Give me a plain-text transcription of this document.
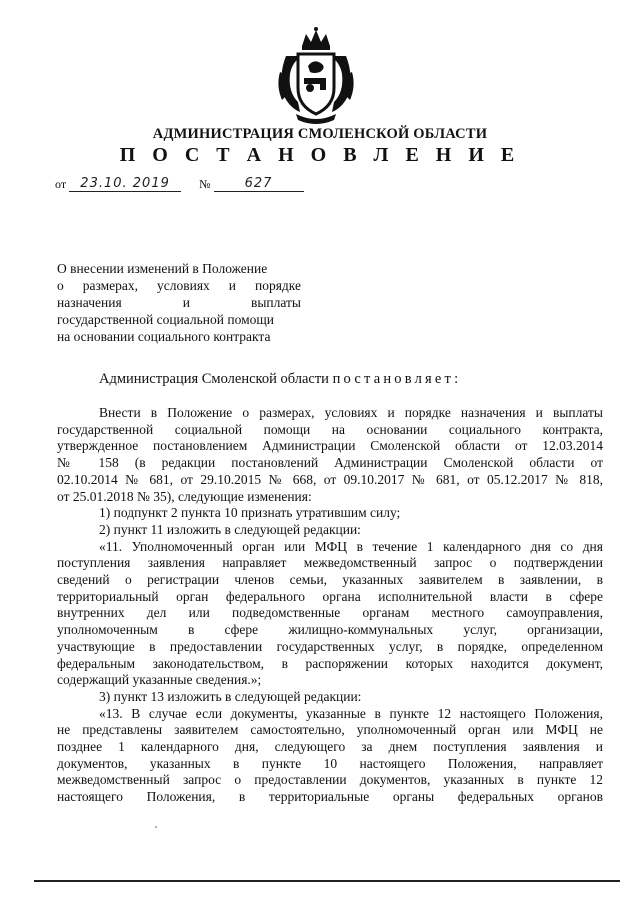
АДМИНИСТРАЦИЯ СМОЛЕНСКОЙ ОБЛАСТИ
П О С Т А Н О В Л Е Н И Е
от 23.10. 2019 №	627
О внесении изменений в Положение
о размерах, условиях и порядке
назначения и выплаты
государственной социальной помощи
на основании социального контракта
Администрация Смоленской области постановляет:

Внести в Положение о размерах, условиях и порядке назначения и выплаты

государственной социальной помощи на основании социального контракта,

утвержденное постановлением Администрации Смоленской области от 12.03.2014

№ 158 (в редакции постановлений Администрации Смоленской области от

02.10.2014 № 681, от 29.10.2015 № 668, от 09.10.2017 № 681, от 05.12.2017 № 818,

от 25.01.2018 № 35), следующие изменения:

1) подпункт 2 пункта 10 признать утратившим силу;

2) пункт 11 изложить в следующей редакции:

«11. Уполномоченный орган или МФЦ в течение 1 календарного дня со дня

поступления заявления направляет межведомственный запрос о подтверждении

сведений о регистрации членов семьи, указанных заявителем в заявлении, в

территориальный орган федерального органа исполнительной власти в сфере

внутренних дел или подведомственные органам местного самоуправления,

уполномоченным в сфере жилищно-коммунальных услуг, организации,

участвующие в предоставлении государственных услуг, в порядке, определенном

федеральным законодательством, в распоряжении которых находится документ,

содержащий указанные сведения.»;

3) пункт 13 изложить в следующей редакции:

«13. В случае если документы, указанные в пункте 12 настоящего Положения,

не представлены заявителем самостоятельно, уполномоченный орган или МФЦ не

позднее 1 календарного дня, следующего за днем поступления заявления и

документов, указанных в пункте 10 настоящего Положения, направляет

межведомственный запрос о предоставлении документов, указанных в пункте 12

настоящего Положения, в территориальные органы федеральных органов
